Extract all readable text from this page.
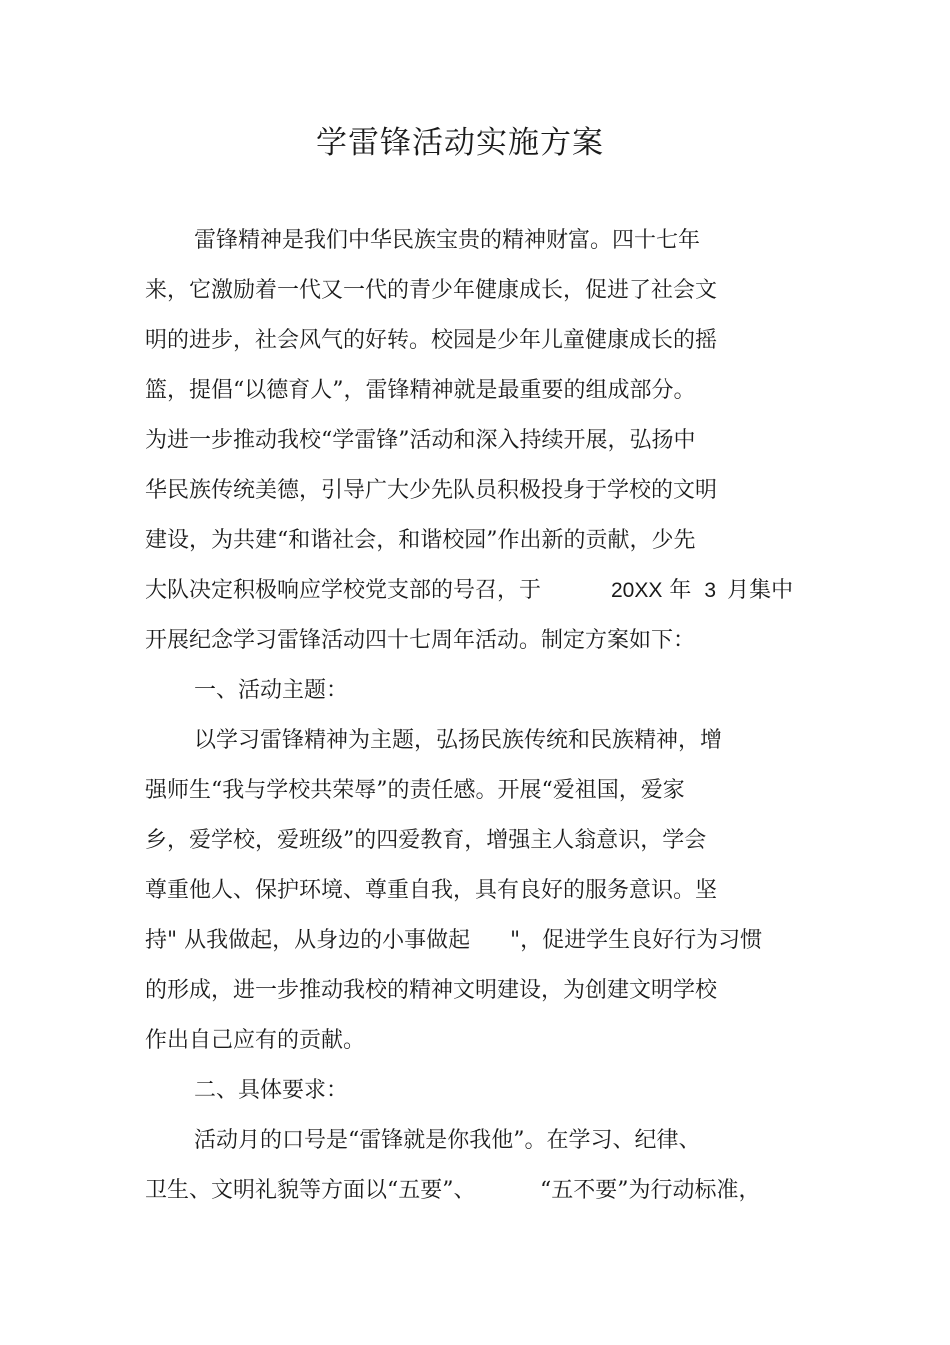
学雷锋活动实施方案
雷锋精神是我们中华民族宝贵的精神财富。四十七年
来，它激励着一代又一代的青少年健康成长，促进了社会文
明的进步，社会风气的好转。校园是少年儿童健康成长的摇
篮，提倡“以德育人”，雷锋精神就是最重要的组成部分。
为进一步推动我校“学雷锋”活动和深入持续开展，弘扬中
华民族传统美德，引导广大少先队员积极投身于学校的文明
建设，为共建“和谐社会，和谐校园”作出新的贡献，少先
大队决定积极响应学校党支部的号召，于	20XX 年 3 月集中
开展纪念学习雷锋活动四十七周年活动。制定方案如下：
一、活动主题：
以学习雷锋精神为主题，弘扬民族传统和民族精神，增
强师生“我与学校共荣辱”的责任感。开展“爱祖国，爱家
乡，爱学校，爱班级”的四爱教育，增强主人翁意识，学会
尊重他人、保护环境、尊重自我，具有良好的服务意识。坚
持" 从我做起，从身边的小事做起 "，促进学生良好行为习惯
的形成，进一步推动我校的精神文明建设，为创建文明学校
作出自己应有的贡献。
二、具体要求：
活动月的口号是“雷锋就是你我他”。在学习、纪律、
卫生、文明礼貌等方面以“五要”、	“五不要”为行动标准，
